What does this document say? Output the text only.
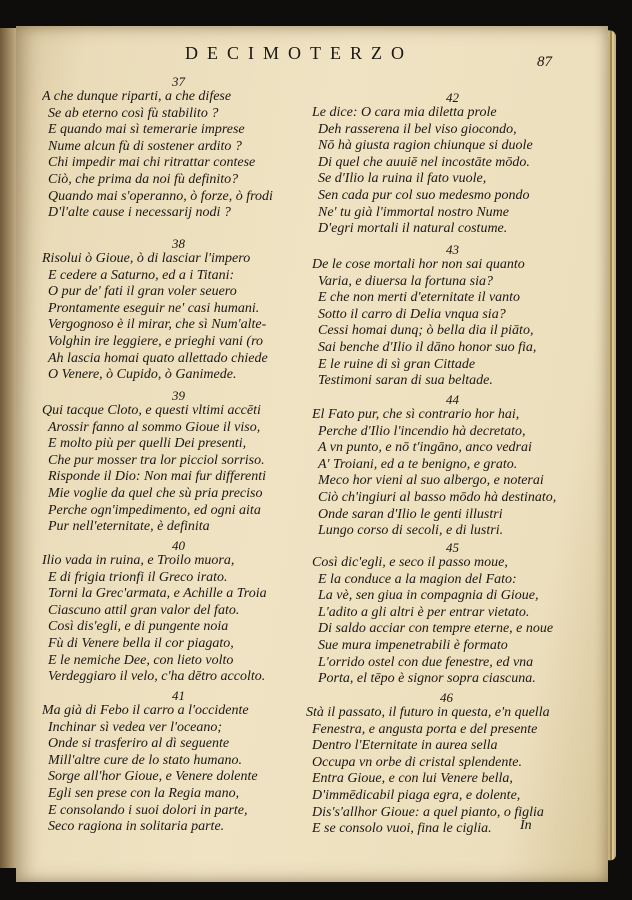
DECIMOTERZO	87
37
A che dunque riparti, a che difese
Se ab eterno così fù stabilito ?
E quando mai sì temerarie imprese
Nume alcun fù di sostener ardito ?
Chi impedir mai chi ritrattar contese
Ciò, che prima da noi fù definito?
Quando mai s'operanno, ò forze, ò frodi
D'l'alte cause i necessarij nodi ?
38
Risolui ò Gioue, ò di lasciar l'impero
E cedere a Saturno, ed a i Titani:
O pur de' fati il gran voler seuero
Prontamente eseguir ne' casi humani.
Vergognoso è il mirar, che sì Num'alte-
Volghin ire leggiere, e prieghi vani (ro
Ah lascia homai quato allettado chiede
O Venere, ò Cupido, ò Ganimede.
39
Qui tacque Cloto, e questi vltimi accēti
Arossir fanno al sommo Gioue il viso,
E molto più per quelli Dei presenti,
Che pur mosser tra lor picciol sorriso.
Risponde il Dio: Non mai fur differenti
Mie voglie da quel che sù pria preciso
Perche ogn'impedimento, ed ogni aita
Pur nell'eternitate, è definita
40
Ilio vada in ruina, e Troilo muora,
E di frigia trionfi il Greco irato.
Torni la Grec'armata, e Achille a Troia
Ciascuno attil gran valor del fato.
Così dis'egli, e di pungente noia
Fù di Venere bella il cor piagato,
E le nemiche Dee, con lieto volto
Verdeggiaro il velo, c'ha dētro accolto.
41
Ma già di Febo il carro a l'occidente
Inchinar sì vedea ver l'oceano;
Onde si trasferiro al dì seguente
Mill'altre cure de lo stato humano.
Sorge all'hor Gioue, e Venere dolente
Egli sen prese con la Regia mano,
E consolando i suoi dolori in parte,
Seco ragiona in solitaria parte.
42
Le dice: O cara mia diletta prole
Deh rasserena il bel viso giocondo,
Nō hà giusta ragion chiunque si duole
Di quel che auuiē nel incostāte mōdo.
Se d'Ilio la ruina il fato vuole,
Sen cada pur col suo medesmo pondo
Ne' tu già l'immortal nostro Nume
D'egri mortali il natural costume.
43
De le cose mortali hor non sai quanto
Varia, e diuersa la fortuna sia?
E che non merti d'eternitate il vanto
Sotto il carro di Delia vnqua sia?
Cessi homai dunq; ò bella dia il piāto,
Sai benche d'Ilio il dāno honor suo fia,
E le ruine di sì gran Cittade
Testimoni saran di sua beltade.
44
El Fato pur, che sì contrario hor hai,
Perche d'Ilio l'incendio hà decretato,
A vn punto, e nō t'ingāno, anco vedrai
A' Troiani, ed a te benigno, e grato.
Meco hor vieni al suo albergo, e noterai
Ciò ch'ingiuri al basso mōdo hà destinato,
Onde saran d'Ilio le genti illustri
Lungo corso di secoli, e di lustri.
45
Così dic'egli, e seco il passo moue,
E la conduce a la magion del Fato:
La vè, sen giua in compagnia di Gioue,
L'adito a gli altri è per entrar vietato.
Di saldo acciar con tempre eterne, e noue
Sue mura impenetrabili è formato
L'orrido ostel con due fenestre, ed vna
Porta, el tēpo è signor sopra ciascuna.
46
Stà il passato, il futuro in questa, e'n quella
Fenestra, e angusta porta e del presente
Dentro l'Eternitate in aurea sella
Occupa vn orbe di cristal splendente.
Entra Gioue, e con lui Venere bella,
D'immēdicabil piaga egra, e dolente,
Dis's'allhor Gioue: a quel pianto, o figlia
E se consolo vuoi, fina le ciglia.	In
